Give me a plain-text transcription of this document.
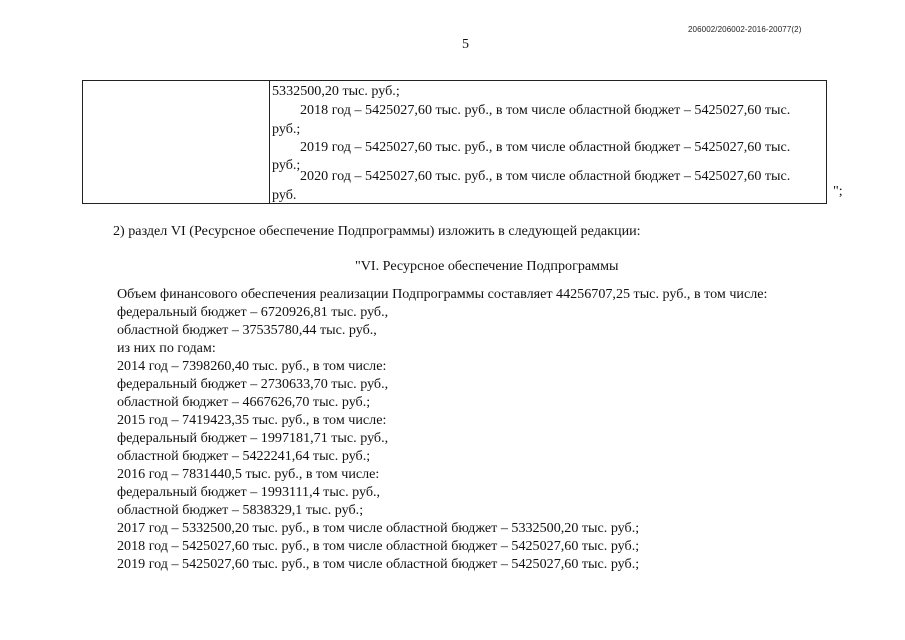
206002/206002-2016-20077(2)
5
5332500,20 тыс. руб.;
2018 год – 5425027,60 тыс. руб., в том числе областной бюджет – 5425027,60 тыс.
руб.;
2019 год – 5425027,60 тыс. руб., в том числе областной бюджет – 5425027,60 тыс.
руб.;
2020 год – 5425027,60 тыс. руб., в том числе областной бюджет – 5425027,60 тыс.
руб.	";
2) раздел VI (Ресурсное обеспечение Подпрограммы) изложить в следующей редакции:
"VI. Ресурсное обеспечение Подпрограммы
Объем финансового обеспечения реализации Подпрограммы составляет 44256707,25 тыс. руб., в том числе:
федеральный бюджет – 6720926,81 тыс. руб.,
областной бюджет – 37535780,44 тыс. руб.,
из них по годам:
2014 год – 7398260,40 тыс. руб., в том числе:
федеральный бюджет – 2730633,70 тыс. руб.,
областной бюджет – 4667626,70 тыс. руб.;
2015 год – 7419423,35 тыс. руб., в том числе:
федеральный бюджет – 1997181,71 тыс. руб.,
областной бюджет – 5422241,64 тыс. руб.;
2016 год – 7831440,5 тыс. руб., в том числе:
федеральный бюджет – 1993111,4 тыс. руб.,
областной бюджет – 5838329,1 тыс. руб.;
2017 год – 5332500,20 тыс. руб., в том числе областной бюджет – 5332500,20 тыс. руб.;
2018 год – 5425027,60 тыс. руб., в том числе областной бюджет – 5425027,60 тыс. руб.;
2019 год – 5425027,60 тыс. руб., в том числе областной бюджет – 5425027,60 тыс. руб.;
